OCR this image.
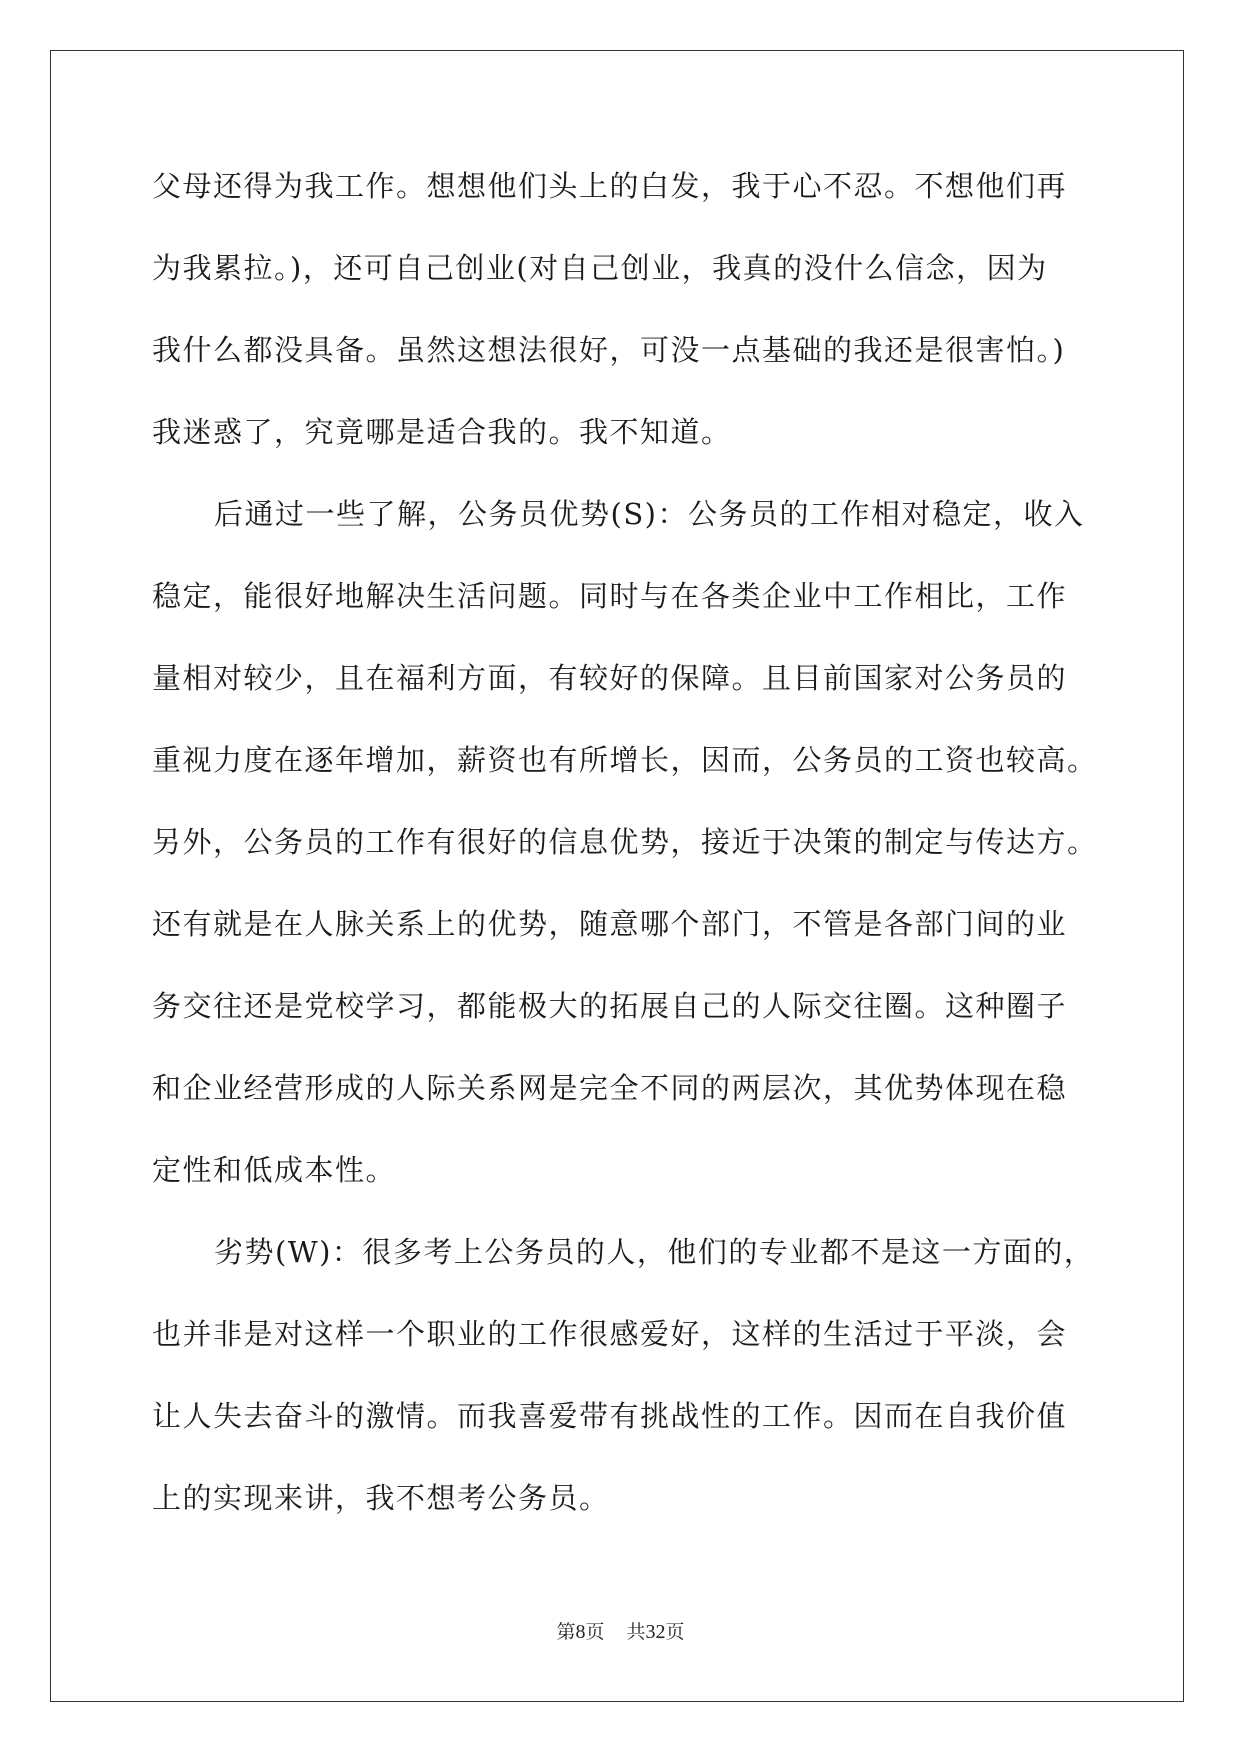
父母还得为我工作。想想他们头上的白发，我于心不忍。不想他们再
为我累拉。)，还可自己创业(对自己创业，我真的没什么信念，因为
我什么都没具备。虽然这想法很好，可没一点基础的我还是很害怕。)
我迷惑了，究竟哪是适合我的。我不知道。
后通过一些了解，公务员优势(S)：公务员的工作相对稳定，收入
稳定，能很好地解决生活问题。同时与在各类企业中工作相比，工作
量相对较少，且在福利方面，有较好的保障。且目前国家对公务员的
重视力度在逐年增加，薪资也有所增长，因而，公务员的工资也较高。
另外，公务员的工作有很好的信息优势，接近于决策的制定与传达方。
还有就是在人脉关系上的优势，随意哪个部门，不管是各部门间的业
务交往还是党校学习，都能极大的拓展自己的人际交往圈。这种圈子
和企业经营形成的人际关系网是完全不同的两层次，其优势体现在稳
定性和低成本性。
劣势(W)：很多考上公务员的人，他们的专业都不是这一方面的，
也并非是对这样一个职业的工作很感爱好，这样的生活过于平淡，会
让人失去奋斗的激情。而我喜爱带有挑战性的工作。因而在自我价值
上的实现来讲，我不想考公务员。
第8页 共32页
